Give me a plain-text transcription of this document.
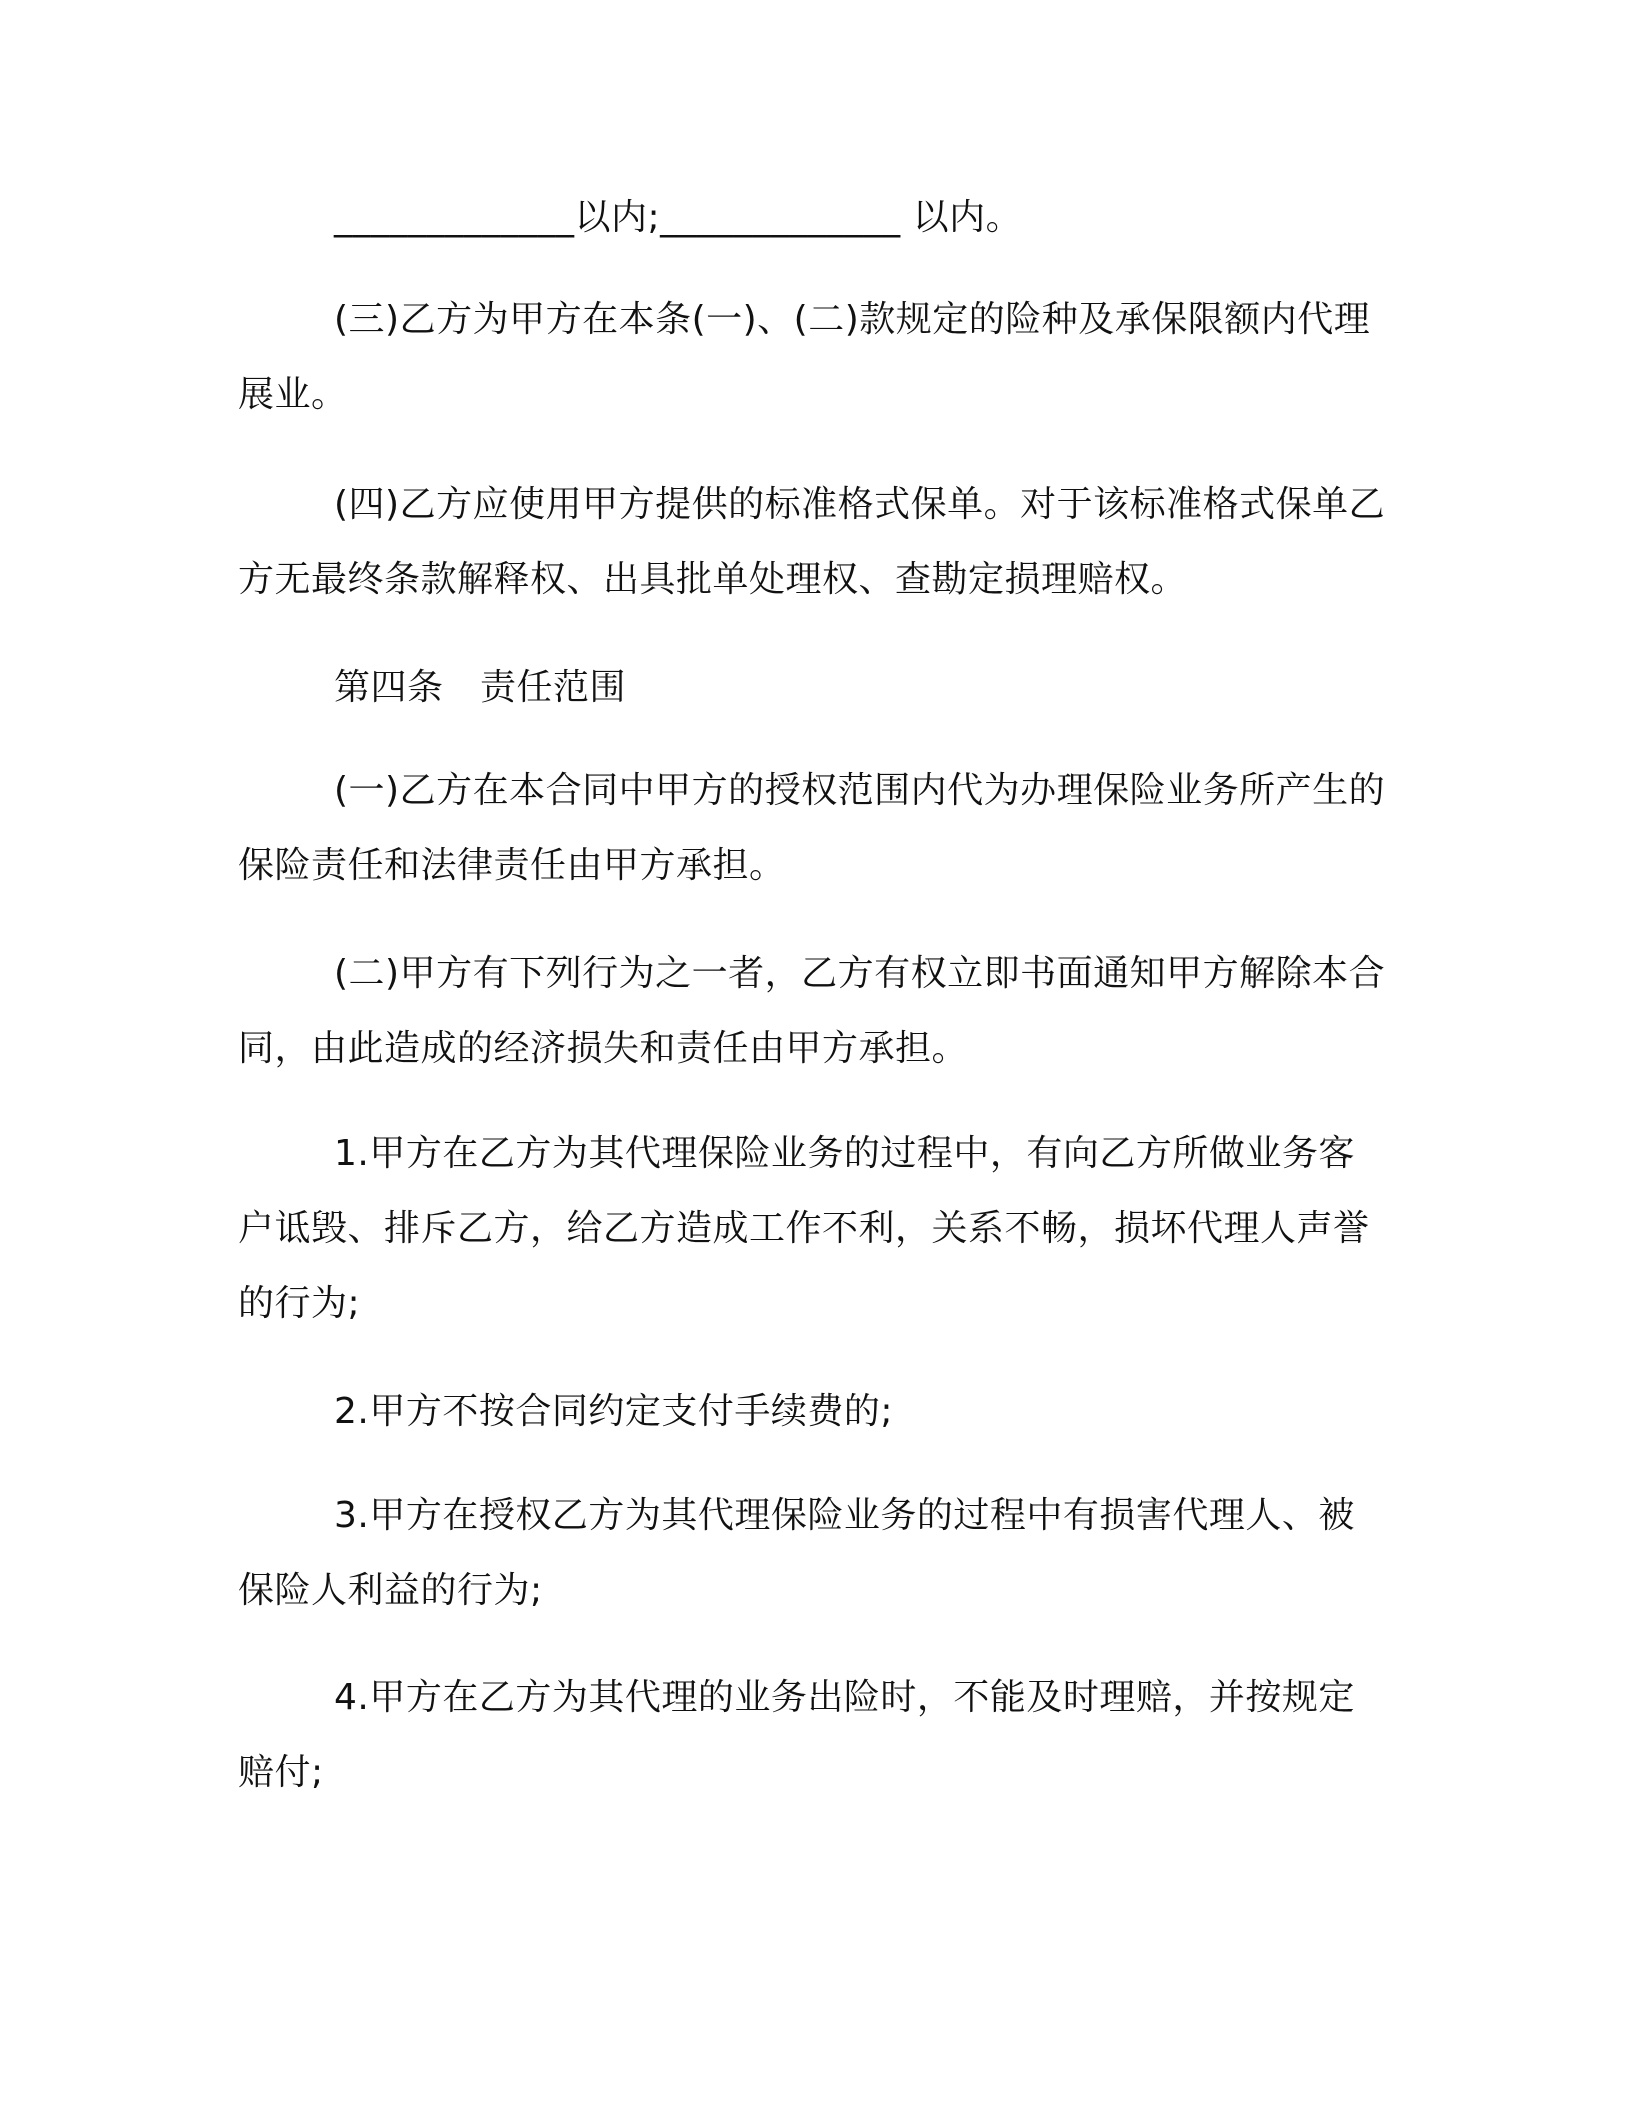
_____________以内;_____________ 以内。

(三)乙方为甲方在本条(一)、(二)款规定的险种及承保限额内代理展业。

(四)乙方应使用甲方提供的标准格式保单。对于该标准格式保单乙方无最终条款解释权、出具批单处理权、查勘定损理赔权。

第四条　责任范围

(一)乙方在本合同中甲方的授权范围内代为办理保险业务所产生的保险责任和法律责任由甲方承担。

(二)甲方有下列行为之一者，乙方有权立即书面通知甲方解除本合同，由此造成的经济损失和责任由甲方承担。

1.甲方在乙方为其代理保险业务的过程中，有向乙方所做业务客户诋毁、排斥乙方，给乙方造成工作不利，关系不畅，损坏代理人声誉的行为;

2.甲方不按合同约定支付手续费的;

3.甲方在授权乙方为其代理保险业务的过程中有损害代理人、被保险人利益的行为;

4.甲方在乙方为其代理的业务出险时，不能及时理赔，并按规定赔付;
